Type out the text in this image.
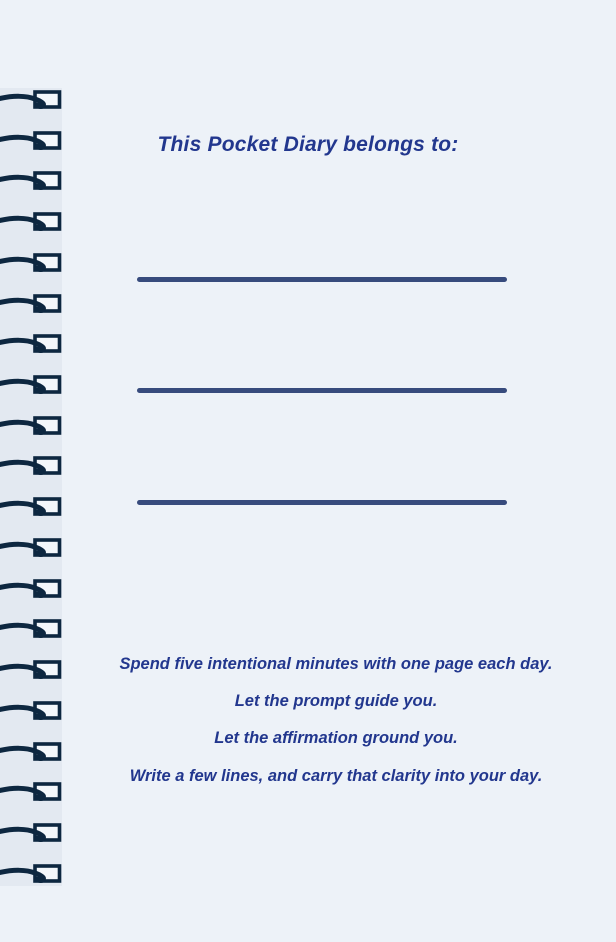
This Pocket Diary belongs to:

Spend five intentional minutes with one page each day.

Let the prompt guide you.

Let the affirmation ground you.

Write a few lines, and carry that clarity into your day.
